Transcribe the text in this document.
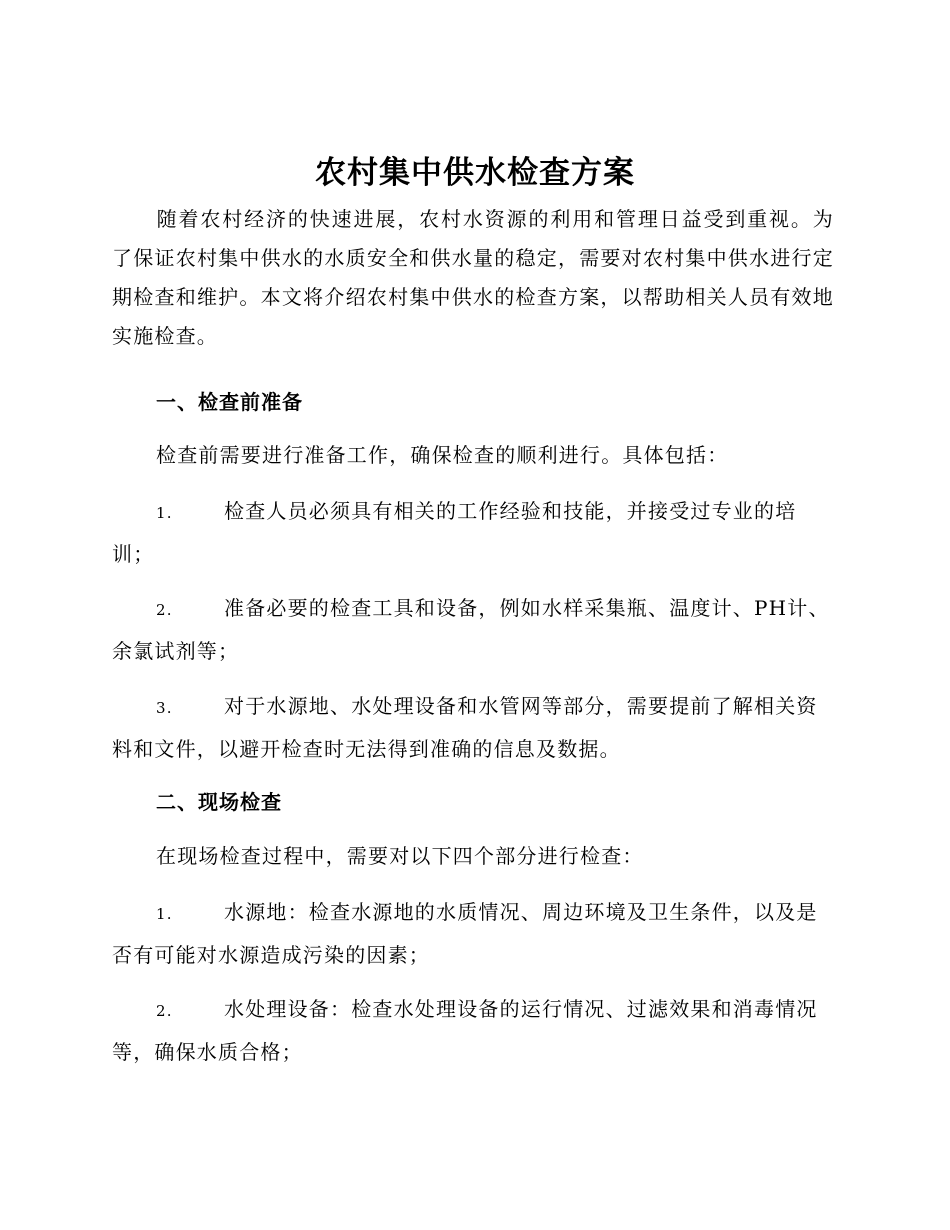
农村集中供水检查方案

随着农村经济的快速进展，农村水资源的利用和管理日益受到重视。为了保证农村集中供水的水质安全和供水量的稳定，需要对农村集中供水进行定期检查和维护。本文将介绍农村集中供水的检查方案，以帮助相关人员有效地实施检查。

一、检查前准备

检查前需要进行准备工作，确保检查的顺利进行。具体包括：

1.	检查人员必须具有相关的工作经验和技能，并接受过专业的培训；

2.	准备必要的检查工具和设备，例如水样采集瓶、温度计、PH计、余氯试剂等；

3.	对于水源地、水处理设备和水管网等部分，需要提前了解相关资料和文件，以避开检查时无法得到准确的信息及数据。

二、现场检查

在现场检查过程中，需要对以下四个部分进行检查：

1.	水源地：检查水源地的水质情况、周边环境及卫生条件，以及是否有可能对水源造成污染的因素；

2.	水处理设备：检查水处理设备的运行情况、过滤效果和消毒情况等，确保水质合格；
